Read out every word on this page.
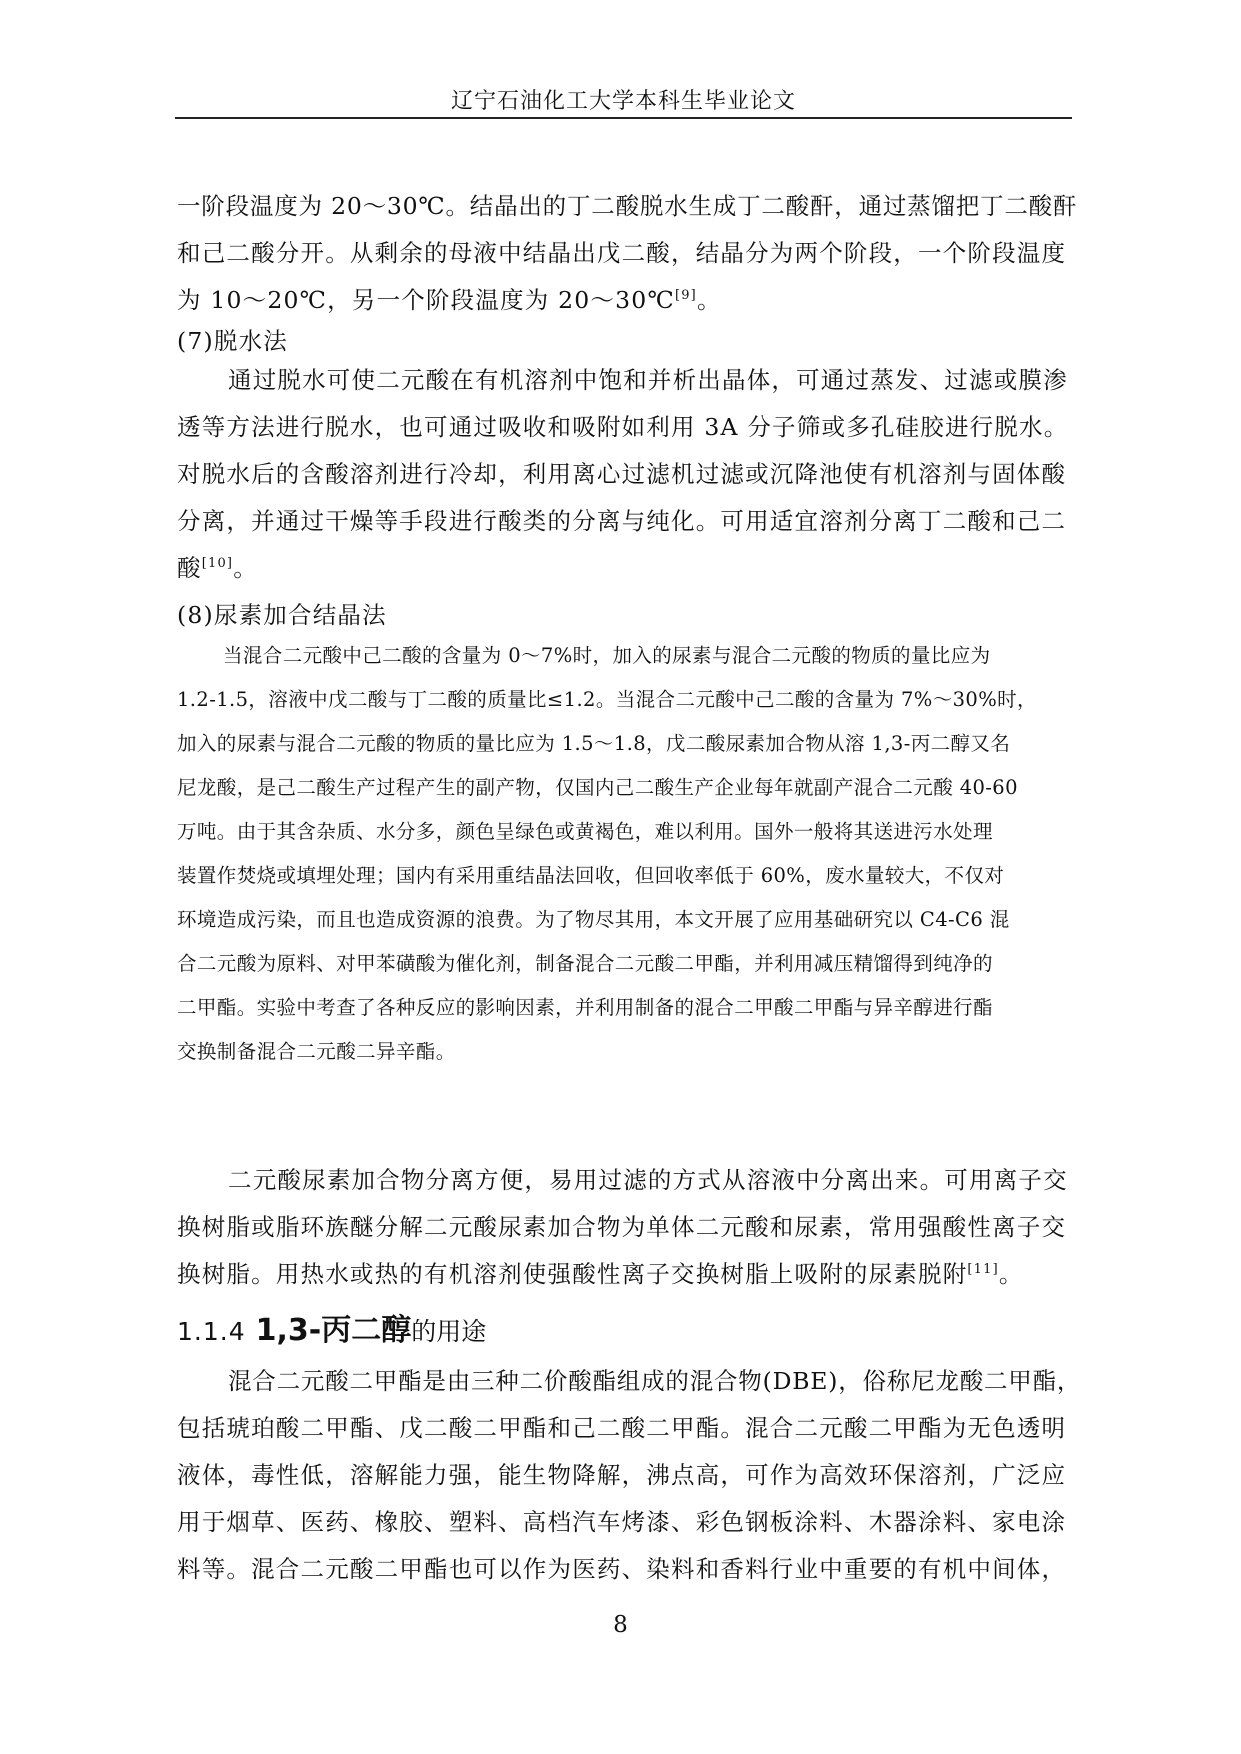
辽宁石油化工大学本科生毕业论文
一阶段温度为 20～30℃。结晶出的丁二酸脱水生成丁二酸酐，通过蒸馏把丁二酸酐
和己二酸分开。从剩余的母液中结晶出戊二酸，结晶分为两个阶段，一个阶段温度
为 10～20℃，另一个阶段温度为 20～30℃[9]。
(7)脱水法
通过脱水可使二元酸在有机溶剂中饱和并析出晶体，可通过蒸发、过滤或膜渗
透等方法进行脱水，也可通过吸收和吸附如利用 3A 分子筛或多孔硅胶进行脱水。
对脱水后的含酸溶剂进行冷却，利用离心过滤机过滤或沉降池使有机溶剂与固体酸
分离，并通过干燥等手段进行酸类的分离与纯化。可用适宜溶剂分离丁二酸和己二
酸[10]。
(8)尿素加合结晶法
当混合二元酸中己二酸的含量为 0～7%时，加入的尿素与混合二元酸的物质的量比应为
1.2-1.5，溶液中戊二酸与丁二酸的质量比≤1.2。当混合二元酸中己二酸的含量为 7%～30%时，
加入的尿素与混合二元酸的物质的量比应为 1.5～1.8，戊二酸尿素加合物从溶 1,3-丙二醇又名
尼龙酸，是己二酸生产过程产生的副产物，仅国内己二酸生产企业每年就副产混合二元酸 40-60
万吨。由于其含杂质、水分多，颜色呈绿色或黄褐色，难以利用。国外一般将其送进污水处理
装置作焚烧或填埋处理；国内有采用重结晶法回收，但回收率低于 60%，废水量较大，不仅对
环境造成污染，而且也造成资源的浪费。为了物尽其用，本文开展了应用基础研究以 C4-C6 混
合二元酸为原料、对甲苯磺酸为催化剂，制备混合二元酸二甲酯，并利用减压精馏得到纯净的
二甲酯。实验中考查了各种反应的影响因素，并利用制备的混合二甲酸二甲酯与异辛醇进行酯
交换制备混合二元酸二异辛酯。
二元酸尿素加合物分离方便，易用过滤的方式从溶液中分离出来。可用离子交
换树脂或脂环族醚分解二元酸尿素加合物为单体二元酸和尿素，常用强酸性离子交
换树脂。用热水或热的有机溶剂使强酸性离子交换树脂上吸附的尿素脱附[11]。
1.1.4 1,3-丙二醇的用途
混合二元酸二甲酯是由三种二价酸酯组成的混合物(DBE)，俗称尼龙酸二甲酯，
包括琥珀酸二甲酯、戊二酸二甲酯和己二酸二甲酯。混合二元酸二甲酯为无色透明
液体，毒性低，溶解能力强，能生物降解，沸点高，可作为高效环保溶剂，广泛应
用于烟草、医药、橡胶、塑料、高档汽车烤漆、彩色钢板涂料、木器涂料、家电涂
料等。混合二元酸二甲酯也可以作为医药、染料和香料行业中重要的有机中间体，
8
